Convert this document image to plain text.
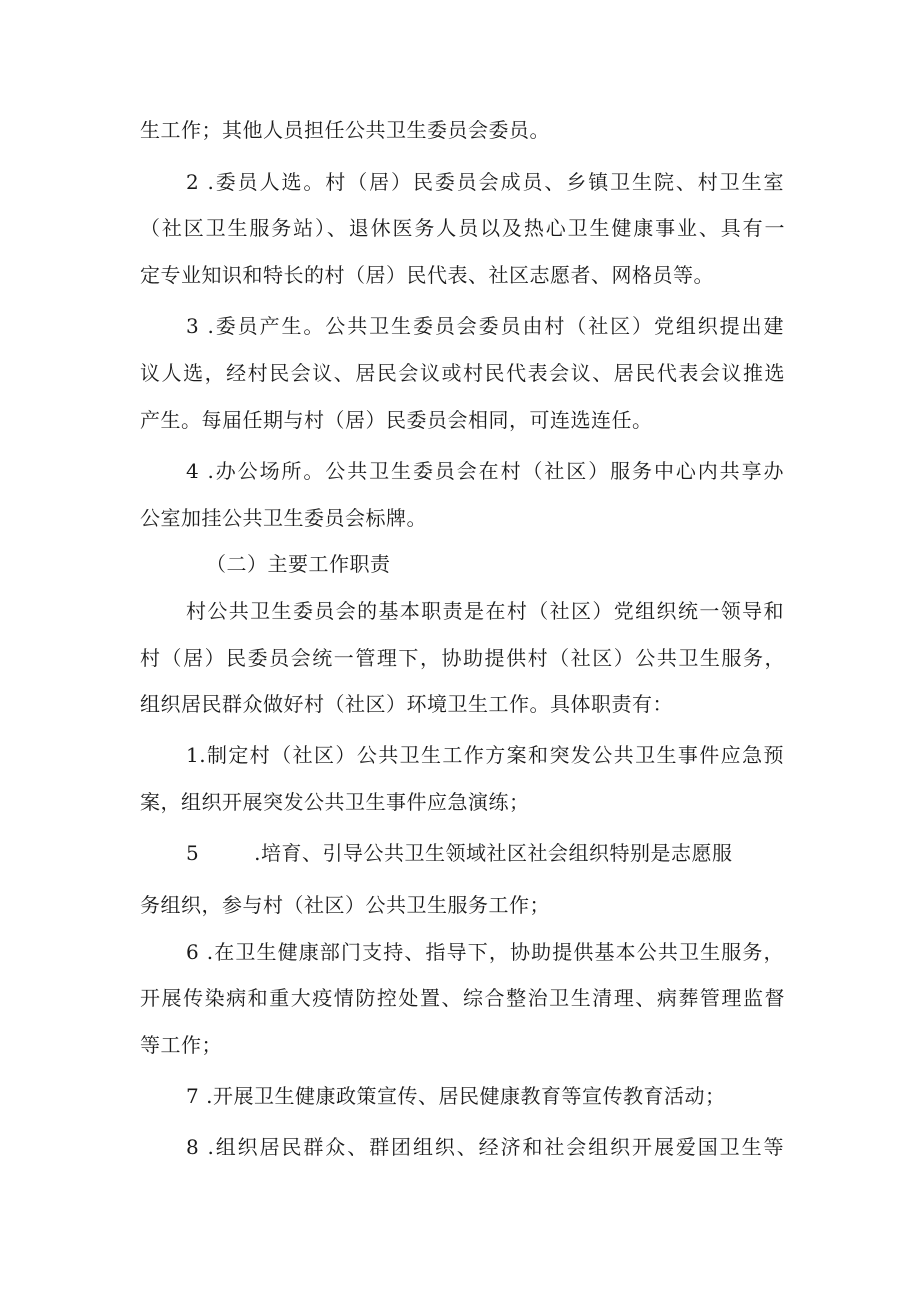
生工作；其他人员担任公共卫生委员会委员。
2 .委员人选。村（居）民委员会成员、乡镇卫生院、村卫生室
（社区卫生服务站）、退休医务人员以及热心卫生健康事业、具有一
定专业知识和特长的村（居）民代表、社区志愿者、网格员等。
3 .委员产生。公共卫生委员会委员由村（社区）党组织提出建
议人选，经村民会议、居民会议或村民代表会议、居民代表会议推选
产生。每届任期与村（居）民委员会相同，可连选连任。
4 .办公场所。公共卫生委员会在村（社区）服务中心内共享办
公室加挂公共卫生委员会标牌。
（二）主要工作职责
村公共卫生委员会的基本职责是在村（社区）党组织统一领导和
村（居）民委员会统一管理下，协助提供村（社区）公共卫生服务，
组织居民群众做好村（社区）环境卫生工作。具体职责有：
1.制定村（社区）公共卫生工作方案和突发公共卫生事件应急预
案，组织开展突发公共卫生事件应急演练；
5        .培育、引导公共卫生领域社区社会组织特别是志愿服
务组织，参与村（社区）公共卫生服务工作；
6 .在卫生健康部门支持、指导下，协助提供基本公共卫生服务，
开展传染病和重大疫情防控处置、综合整治卫生清理、病葬管理监督
等工作；
7 .开展卫生健康政策宣传、居民健康教育等宣传教育活动；
8 .组织居民群众、群团组织、经济和社会组织开展爱国卫生等
